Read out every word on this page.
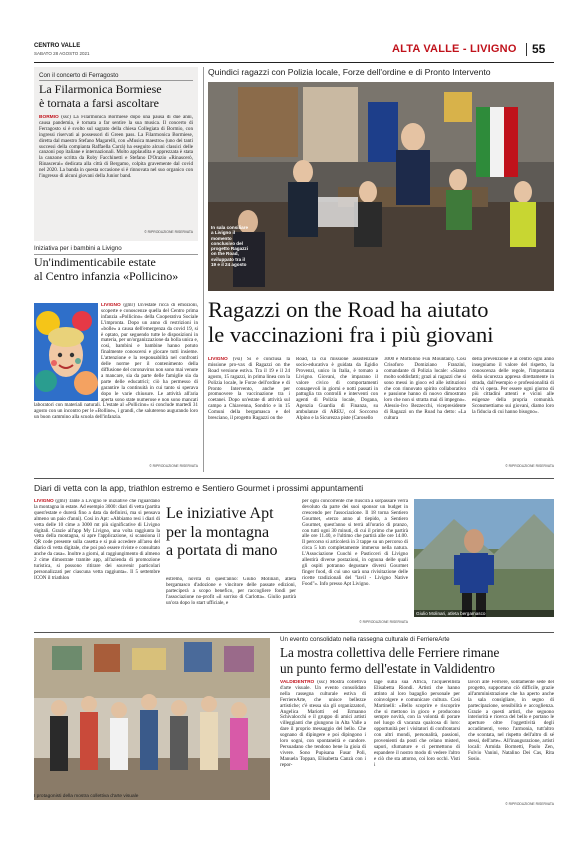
CENTRO VALLE
SABATO 28 AGOSTO 2021	ALTA VALLE - LIVIGNO 55
Con il concerto di Ferragosto
La Filarmonica Bormiese
è tornata a farsi ascoltare
BORMIO (ssc) La Filarmonica Bormiese dopo una pausa di due anni, causa pandemia, è tornata a far sentire la sua musica. Il concerto di Ferragosto si è svolto sul sagrato della chiesa Collegiata di Bormio, con ingressi riservati ai possessori di Green pass. La Filarmonica Bormiese, diretta dal maestro Stefano Magarelli, con «Musica maestro» (uno dei tanti successi della compianta Raffaella Carrà) ha eseguito alcuni classici delle canzoni pop italiane e internazionali. Molto applaudita e apprezzata è stata la canzone scritta da Roby Facchinetti e Stefano D'Orazio «Rinascerò, Rinascerai» dedicata alla città di Bergamo, colpita gravemente dal covid nel 2020. La banda in questa occasione si è rinnovata nel suo organico con l'ingresso di alcuni giovani della Junior band.
© RIPRODUZIONE RISERVATA
Iniziativa per i bambini a Livigno
Un'indimenticabile estate
al Centro infanzia «Pollicino»
LIVIGNO (gmr) Un'estate ricca di emozioni, scoperte e conoscenze quella del Centro prima infanzia «Pollicino» della Cooperativa Sociale L'impronta. Dopo un anno di restrizioni in «bolle» a causa dell'emergenza da covid 19, si è optato, pur seguendo tutte le disposizioni in materia, per un'organizzazione da bolla unica e, così, bambini e bambine hanno potuto finalmente conoscersi e giocare tutti insieme. L'attenzione e la responsabilità nel confronti delle norme per il contenimento della diffusione del coronavirus non sono mai venute a mancare, sia da parte delle famiglie sia da parte delle educatrici; ciò ha permesso di garantire la continuità in cui tanto si sperava dopo le varie chiusure. Le attività all'aria aperta sono state numerose e non sono mancati laboratori con materiali naturali. L'estate al «Pollicino» si conclude martedì 31 agosto con un incontro per le «Bolline», i grandi, che salutereno augurando loro un buon cammino alla scuola dell'infanzia.
© RIPRODUZIONE RISERVATA
Quindici ragazzi con Polizia locale, Forze dell'ordine e di Pronto Intervento
In sala consiliare a Livigno il momento conclusivo del progetto Ragazzi on the Road, sviluppato tra il 19 e il 24 agosto
Ragazzi on the Road ha aiutato
le vaccinazioni fra i più giovani
LIVIGNO (vsi) Si è conclusa la missione pro-vax di Ragazzi on the Road versione estiva. Tra il 19 e il 24 agosto, 15 ragazzi, in prima linea con la Polizia locale, le Forze dell'ordine e di Pronto Intervento, anche per promuovere la vaccinazione tra i coetanei. Dopo un'estate di attività sul campo a Chiavenna, Sondrio e in 15 Comuni della bergamasca e del bresciano, il progetto Ragazzi on the
Road, la cui missione assistenziale socio-educativa è guidata da Egidio Provenzi, unico in Italia, è tornato a Livigno. Giovani, che imparano il valore civico di comportamenti consapevoli in giorni e notti passati in pattuglia tra controlli e interventi con agenti di Polizia locale, Dogana, Agenzia Guardia di Finanza, su ambulanze di AREU, col Soccorso Alpino e la Sicurezza piste (Carosello
3000 e Mottolino Fun Mountain). Così Crisoforo Domiziano Franzini, comandante di Polizia locale: «Siamo molto soddisfatti; grazi ai ragazzi che si sono messi in gioco ed alle istituzioni che con rinnovato spirito collaborativo e passione hanno di nuovo dimostrato loro che non si stratta mai di impegno». Alessio-Ivo Bezzecchi, vicepresidente di Ragazzi on the Road ha detto: «La cultura
della prevenzione è al centro ogni anno insegniamo il valore del rispetto, la conoscenza delle regole, l'importanza della sicurezza appresa direttamente in strada, dall'esempio e professionalità di chi vi opera. Per essere ogni giorno di più cittadini attenti e vicini alle esigenze della propria comunità. Sconsmettiamo sui giovani, diamo loro la fiducia di cui hanno bisogno».
© RIPRODUZIONE RISERVATA
Diari di vetta con la app, triathlon estremo e Sentiero Gourmet i prossimi appuntamenti
LIVIGNO (gmr) Tante a Livigno le iniziative che riguardano la montagna in estate. Ad esempio 3000: diari di vetta (partita quest'estate e durerà fino a data da definirsi, ma si pensava almeno un paio d'anni). Così in Apt: «Abbiamo resi i diari di vetta delle 10 cime a 3000 mt più significative di Livigno digitali. Grazie all'app My Livigno, una volta raggiunta la vetta della montagna, si apre l'applicazione, si scansiona il QR code presente sulla casetta e si può accedere all'area del diario di vetta digitale, che poi può essere riviste e consultato anche da casa». Inoltre a giorni, al raggiungimento di almeno 2 cime dimostrate tramite app, all'azienda di promozione turistica, si possono ritirare dei souvenir particolari personalizzati per ciascuna vetta raggiunta». Il 5 settembre ICON il triathlon
Le iniziative Apt
per la montagna
a portata di mano
estremo, novità di quest'anno: Giulio Molinari, atleta bergamasco d'adozione e vincitore delle passate edizioni, parteciperà a scopo benefico, per raccogliere fondi per l'associazione no-profit «il sorriso di Carlotta». Giulio partirà un'ora dopo lo start ufficiale, e
per ogni concorrente che riuscirà a sorpassare verrà devoluto da parte dei suoi sponsor un budget in crescendo per l'associazione. Il 18 torna Sentiero Gourmet, «terzo anno al tiepido, a Sentiero Gourmet, quest'anno si terrà all'orario di pranzo, con tutti ogni 30 minuti, di cui il primo che partirà alle ore 11.40, e l'ultimo che partirà alle ore 14.00. Il percorso si articolerà in 3 tappe su un percorso di circa 5 km completamente immerso nella natura. L'Associazione Cuochi e Pasticceri di Livigno allestirà diverse postazioni, in ognuna delle quali gli ospiti potranno degustare diversi Gourmet finger food, di cui uno sarà una rivisitazione delle ricette tradizionali del "lavil - Livigno Native Food"». Info presso Apt Livigno.
© RIPRODUZIONE RISERVATA
Giulio Molinari, atleta bergamasco
I protagonisti della mostra collettiva d'arte visuale
Un evento consolidato nella rassegna culturale di FerriereArte
La mostra collettiva delle Ferriere rimane
un punto fermo dell'estate in Valdidentro
VALDIDENTRO (ssc) Mostra collettiva d'arte visuale. Un evento consolidato nella rassegna culturale estiva di FerriereArte, che unisce bellezze artistiche; c'è stessa sia gli organizzatori, Angelica Mariotti ed Ermanno Schivalocchi e il gruppo di amici artisti villeggianti che giungono in Alta Valle a dare il proprio messaggio del bello. Che sognano di dipingere e poi dipingono i loro sogni, con spontaneità e candore. Persuadano che tendono bene la gioia di vivere. Sono Pupisana Fusar Poli, Manuela Toppan, Elisabetta Canzù con i repor-
tage sulla sua Africa, l'acquerellista Elisabetta Riondi. Artisti che hanno attinto al loro bagaglio personale per coinvolgere e comunicare cultura. Così Martinelli: «Bello scoprire e riscoprire che si mettono in gioco e producono sempre novità, con la volontà di porare nel luogo di vacanza qualcosa di loro: opportunità per i visitatori di confrontarsi con altri mondi, personalità, passioni, provenienti da posti che celano misteri, sapori, sfumature e ci permettono di espandere il nostro modo di vedere l'altro e ciò che sta attorno, coi loro occhi. Visti i
lavori alle Ferriere, solitamente sede del progetto, supportano ciò difficile, grazie all'amministrazione che ha aperto anche la sala consigliare, in segno di partecipazione, sensibilità e accoglienza. Grazie a questi artisti, che seguono interiorità e ricerca del bello e portano le aperture oltre l'oggettività degli accadimenti, verso l'armonia, tutt'altro che scontata, nel rispetto dell'altro di sé stessi, dell'arte». All'inaugurazione, artisti locali: Armida Bormetti, Paolo Zen, Fulvio Vanini, Natalino Dei Cas, Rita Sosio.
© RIPRODUZIONE RISERVATA
